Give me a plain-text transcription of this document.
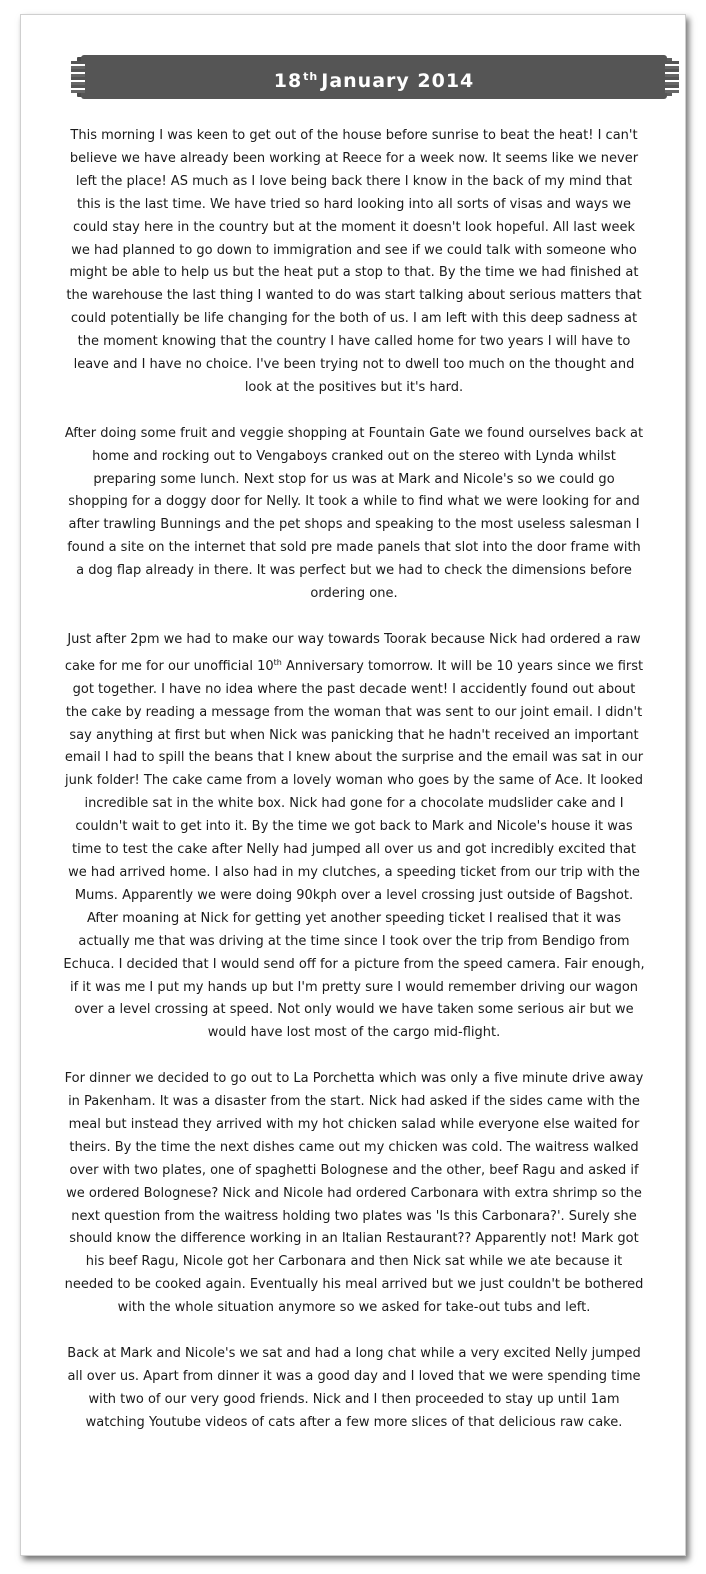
18th January 2014

This morning I was keen to get out of the house before sunrise to beat the heat! I can't believe we have already been working at Reece for a week now. It seems like we never left the place! AS much as I love being back there I know in the back of my mind that this is the last time. We have tried so hard looking into all sorts of visas and ways we could stay here in the country but at the moment it doesn't look hopeful. All last week we had planned to go down to immigration and see if we could talk with someone who might be able to help us but the heat put a stop to that. By the time we had finished at the warehouse the last thing I wanted to do was start talking about serious matters that could potentially be life changing for the both of us. I am left with this deep sadness at the moment knowing that the country I have called home for two years I will have to leave and I have no choice. I've been trying not to dwell too much on the thought and look at the positives but it's hard.

After doing some fruit and veggie shopping at Fountain Gate we found ourselves back at home and rocking out to Vengaboys cranked out on the stereo with Lynda whilst preparing some lunch. Next stop for us was at Mark and Nicole's so we could go shopping for a doggy door for Nelly. It took a while to find what we were looking for and after trawling Bunnings and the pet shops and speaking to the most useless salesman I found a site on the internet that sold pre made panels that slot into the door frame with a dog flap already in there. It was perfect but we had to check the dimensions before ordering one.

Just after 2pm we had to make our way towards Toorak because Nick had ordered a raw cake for me for our unofficial 10th Anniversary tomorrow. It will be 10 years since we first got together. I have no idea where the past decade went! I accidently found out about the cake by reading a message from the woman that was sent to our joint email. I didn't say anything at first but when Nick was panicking that he hadn't received an important email I had to spill the beans that I knew about the surprise and the email was sat in our junk folder! The cake came from a lovely woman who goes by the same of Ace. It looked incredible sat in the white box. Nick had gone for a chocolate mudslider cake and I couldn't wait to get into it. By the time we got back to Mark and Nicole's house it was time to test the cake after Nelly had jumped all over us and got incredibly excited that we had arrived home. I also had in my clutches, a speeding ticket from our trip with the Mums. Apparently we were doing 90kph over a level crossing just outside of Bagshot. After moaning at Nick for getting yet another speeding ticket I realised that it was actually me that was driving at the time since I took over the trip from Bendigo from Echuca. I decided that I would send off for a picture from the speed camera. Fair enough, if it was me I put my hands up but I'm pretty sure I would remember driving our wagon over a level crossing at speed. Not only would we have taken some serious air but we would have lost most of the cargo mid-flight.

For dinner we decided to go out to La Porchetta which was only a five minute drive away in Pakenham. It was a disaster from the start. Nick had asked if the sides came with the meal but instead they arrived with my hot chicken salad while everyone else waited for theirs. By the time the next dishes came out my chicken was cold. The waitress walked over with two plates, one of spaghetti Bolognese and the other, beef Ragu and asked if we ordered Bolognese? Nick and Nicole had ordered Carbonara with extra shrimp so the next question from the waitress holding two plates was 'Is this Carbonara?'. Surely she should know the difference working in an Italian Restaurant?? Apparently not! Mark got his beef Ragu, Nicole got her Carbonara and then Nick sat while we ate because it needed to be cooked again. Eventually his meal arrived but we just couldn't be bothered with the whole situation anymore so we asked for take-out tubs and left.

Back at Mark and Nicole's we sat and had a long chat while a very excited Nelly jumped all over us. Apart from dinner it was a good day and I loved that we were spending time with two of our very good friends. Nick and I then proceeded to stay up until 1am watching Youtube videos of cats after a few more slices of that delicious raw cake.
